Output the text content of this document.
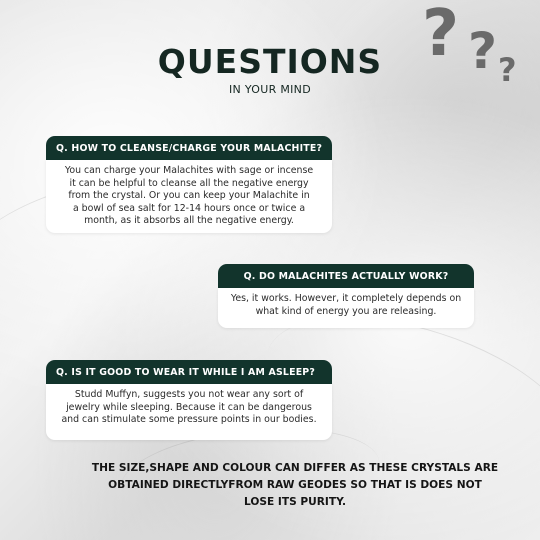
? ? ?
QUESTIONS
IN YOUR MIND
Q. HOW TO CLEANSE/CHARGE YOUR MALACHITE?
You can charge your Malachites with sage or incense
it can be helpful to cleanse all the negative energy
from the crystal. Or you can keep your Malachite in
a bowl of sea salt for 12-14 hours once or twice a
month, as it absorbs all the negative energy.
Q. DO MALACHITES ACTUALLY WORK?
Yes, it works. However, it completely depends on
what kind of energy you are releasing.
Q. IS IT GOOD TO WEAR IT WHILE I AM ASLEEP?
Studd Muffyn, suggests you not wear any sort of
jewelry while sleeping. Because it can be dangerous
and can stimulate some pressure points in our bodies.
THE SIZE,SHAPE AND COLOUR CAN DIFFER AS THESE CRYSTALS ARE
OBTAINED DIRECTLYFROM RAW GEODES SO THAT IS DOES NOT
LOSE ITS PURITY.
